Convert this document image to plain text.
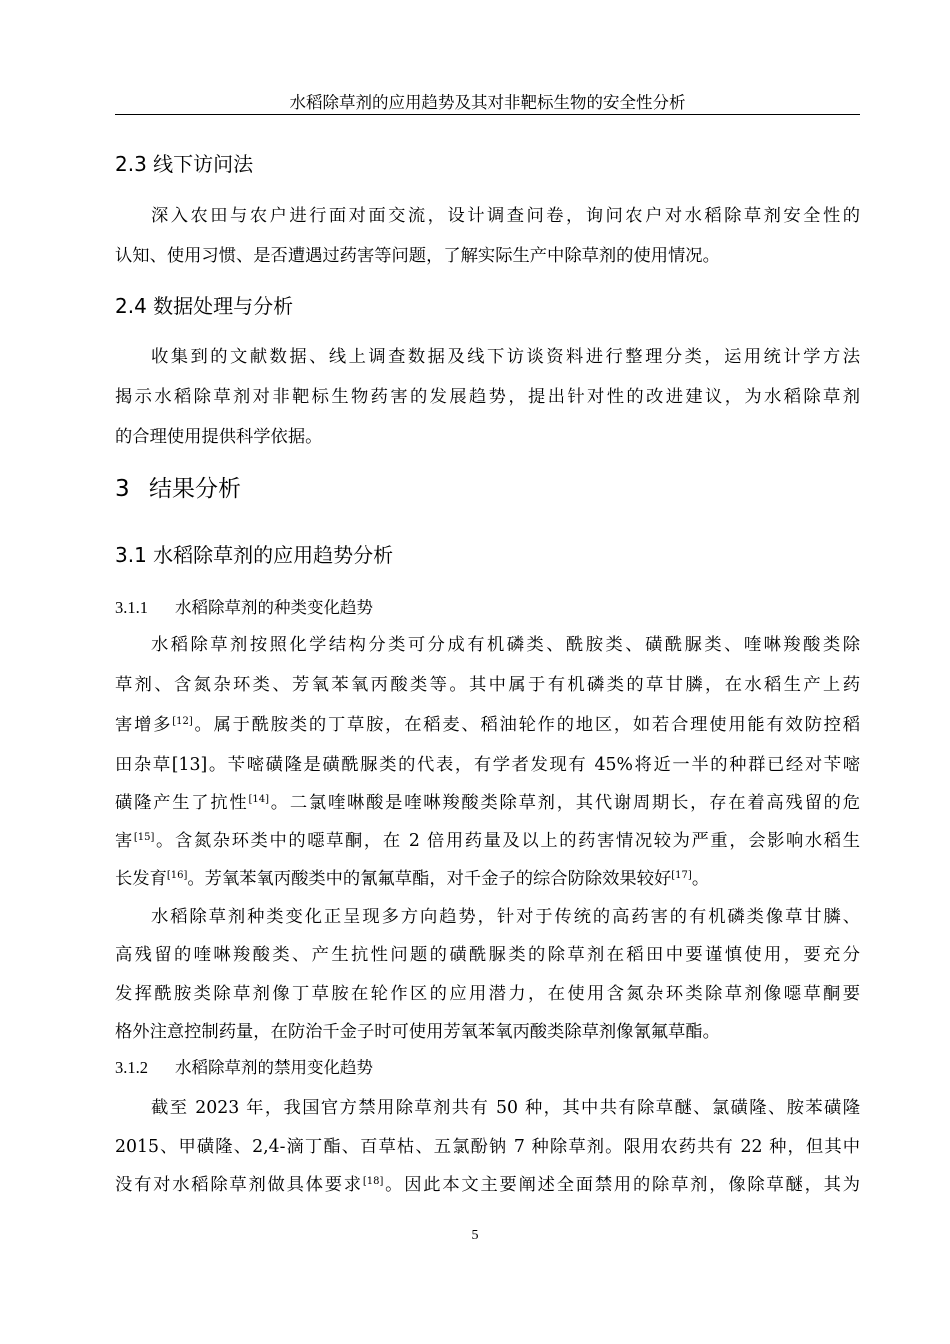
水稻除草剂的应用趋势及其对非靶标生物的安全性分析
2.3 线下访问法
深入农田与农户进行面对面交流，设计调查问卷，询问农户对水稻除草剂安全性的
认知、使用习惯、是否遭遇过药害等问题，了解实际生产中除草剂的使用情况。
2.4 数据处理与分析
收集到的文献数据、线上调查数据及线下访谈资料进行整理分类，运用统计学方法
揭示水稻除草剂对非靶标生物药害的发展趋势，提出针对性的改进建议，为水稻除草剂
的合理使用提供科学依据。
3 结果分析
3.1 水稻除草剂的应用趋势分析
3.1.1 水稻除草剂的种类变化趋势
水稻除草剂按照化学结构分类可分成有机磷类、酰胺类、磺酰脲类、喹啉羧酸类除
草剂、含氮杂环类、芳氧苯氧丙酸类等。其中属于有机磷类的草甘膦，在水稻生产上药
害增多[12]。属于酰胺类的丁草胺，在稻麦、稻油轮作的地区，如若合理使用能有效防控稻
田杂草[13]。苄嘧磺隆是磺酰脲类的代表，有学者发现有 45%将近一半的种群已经对苄嘧
磺隆产生了抗性[14]。二氯喹啉酸是喹啉羧酸类除草剂，其代谢周期长，存在着高残留的危
害[15]。含氮杂环类中的噁草酮，在 2 倍用药量及以上的药害情况较为严重，会影响水稻生
长发育[16]。芳氧苯氧丙酸类中的氰氟草酯，对千金子的综合防除效果较好[17]。
水稻除草剂种类变化正呈现多方向趋势，针对于传统的高药害的有机磷类像草甘膦、
高残留的喹啉羧酸类、产生抗性问题的磺酰脲类的除草剂在稻田中要谨慎使用，要充分
发挥酰胺类除草剂像丁草胺在轮作区的应用潜力，在使用含氮杂环类除草剂像噁草酮要
格外注意控制药量，在防治千金子时可使用芳氧苯氧丙酸类除草剂像氰氟草酯。
3.1.2 水稻除草剂的禁用变化趋势
截至 2023 年，我国官方禁用除草剂共有 50 种，其中共有除草醚、氯磺隆、胺苯磺隆
2015、甲磺隆、2,4-滴丁酯、百草枯、五氯酚钠 7 种除草剂。限用农药共有 22 种，但其中
没有对水稻除草剂做具体要求[18]。因此本文主要阐述全面禁用的除草剂，像除草醚，其为
5
